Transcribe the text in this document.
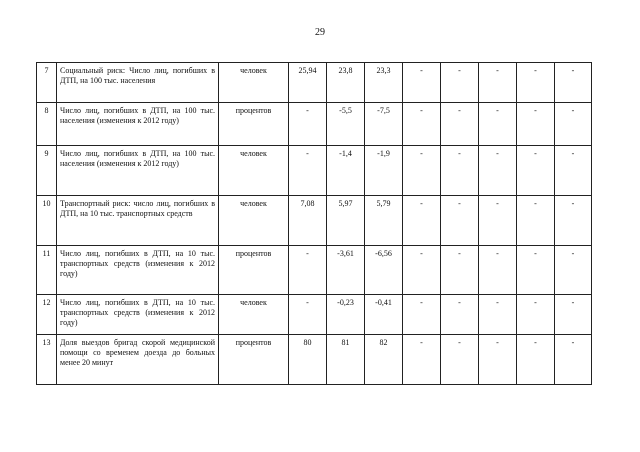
29
7	Социальный риск: Число лиц, погибших в ДТП, на 100 тыс. населения	человек	25,94	23,8	23,3	-	-	-	-	-
8	Число лиц, погибших в ДТП, на 100 тыс. населения (изменения к 2012 году)	процентов	-	-5,5	-7,5	-	-	-	-	-
9	Число лиц, погибших в ДТП, на 100 тыс. населения (изменения к 2012 году)	человек	-	-1,4	-1,9	-	-	-	-	-
10	Транспортный риск: число лиц, погибших в ДТП, на 10 тыс. транспортных средств	человек	7,08	5,97	5,79	-	-	-	-	-
11	Число лиц, погибших в ДТП, на 10 тыс. транспортных средств (изменения к 2012 году)	процентов	-	-3,61	-6,56	-	-	-	-	-
12	Число лиц, погибших в ДТП, на 10 тыс. транспортных средств (изменения к 2012 году)	человек	-	-0,23	-0,41	-	-	-	-	-
13	Доля выездов бригад скорой медицинской помощи со временем доезда до больных менее 20 минут	процентов	80	81	82	-	-	-	-	-
